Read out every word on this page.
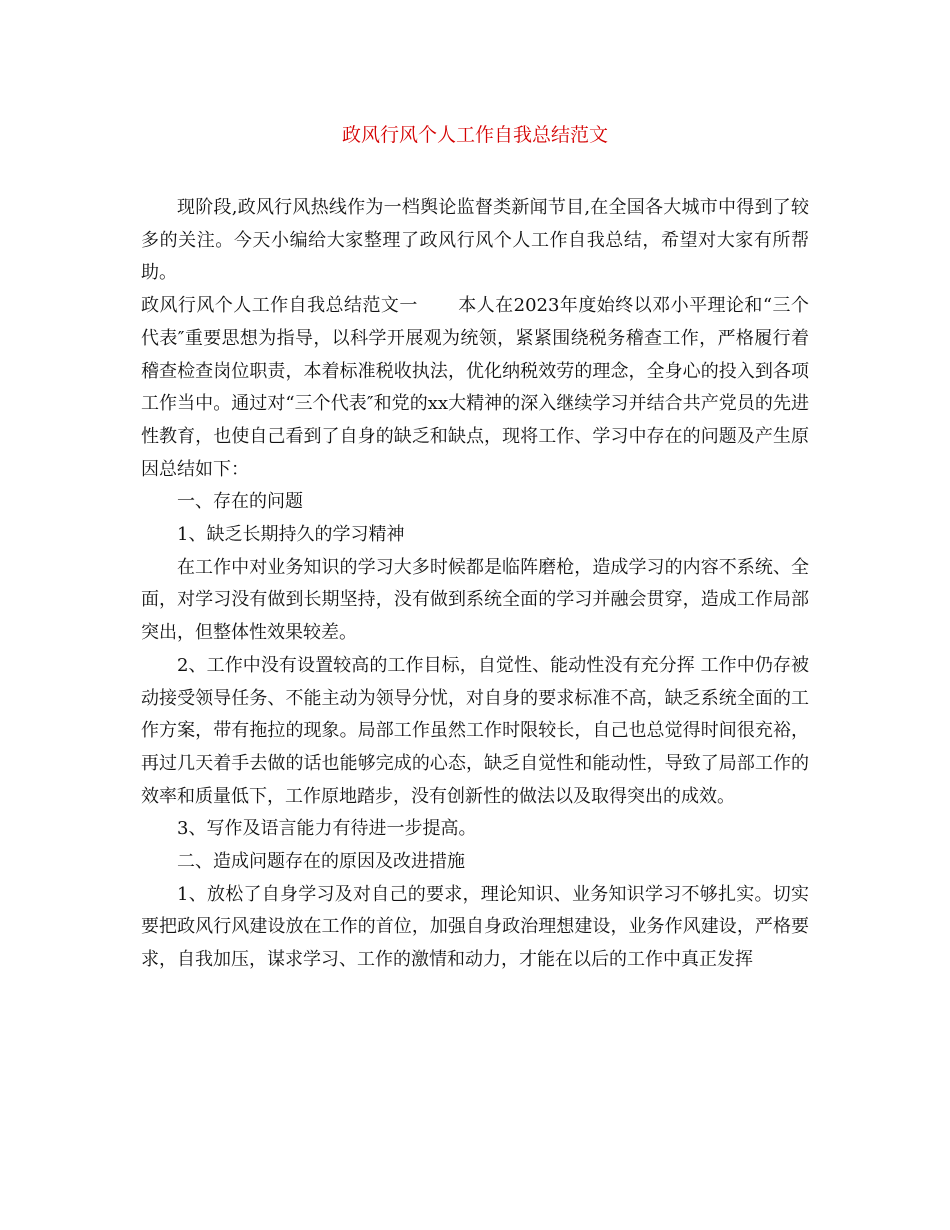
政风行风个人工作自我总结范文

现阶段,政风行风热线作为一档舆论监督类新闻节目,在全国各大城市中得到了较多的关注。今天小编给大家整理了政风行风个人工作自我总结，希望对大家有所帮助。

政风行风个人工作自我总结范文一 本人在2023年度始终以邓小平理论和“三个代表″重要思想为指导，以科学开展观为统领，紧紧围绕税务稽查工作，严格履行着稽查检查岗位职责，本着标准税收执法，优化纳税效劳的理念，全身心的投入到各项工作当中。通过对“三个代表″和党的xx大精神的深入继续学习并结合共产党员的先进性教育，也使自己看到了自身的缺乏和缺点，现将工作、学习中存在的问题及产生原因总结如下：

一、存在的问题

1、缺乏长期持久的学习精神

在工作中对业务知识的学习大多时候都是临阵磨枪，造成学习的内容不系统、全面，对学习没有做到长期坚持，没有做到系统全面的学习并融会贯穿，造成工作局部突出，但整体性效果较差。

2、工作中没有设置较高的工作目标，自觉性、能动性没有充分挥 工作中仍存被动接受领导任务、不能主动为领导分忧，对自身的要求标准不高，缺乏系统全面的工作方案，带有拖拉的现象。局部工作虽然工作时限较长，自己也总觉得时间很充裕，再过几天着手去做的话也能够完成的心态，缺乏自觉性和能动性，导致了局部工作的效率和质量低下，工作原地踏步，没有创新性的做法以及取得突出的成效。

3、写作及语言能力有待进一步提高。

二、造成问题存在的原因及改进措施

1、放松了自身学习及对自己的要求，理论知识、业务知识学习不够扎实。切实要把政风行风建设放在工作的首位，加强自身政治理想建设，业务作风建设，严格要求，自我加压，谋求学习、工作的激情和动力，才能在以后的工作中真正发挥
